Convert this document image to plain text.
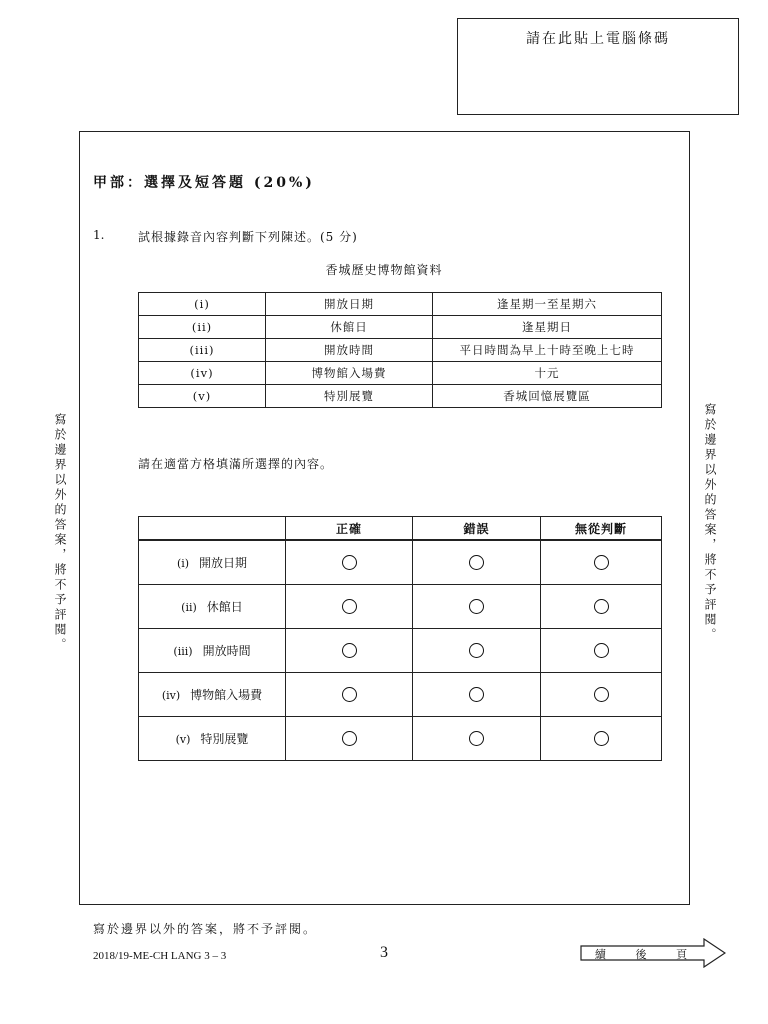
請在此貼上電腦條碼
甲部：選擇及短答題 (20%)
1.	試根據錄音內容判斷下列陳述。(5 分)
香城歷史博物館資料
(i)	開放日期	逢星期一至星期六
(ii)	休館日	逢星期日
(iii)	開放時間	平日時間為早上十時至晚上七時
(iv)	博物館入場費	十元
(v)	特別展覽	香城回憶展覽區
請在適當方格填滿所選擇的內容。
	正確	錯誤	無從判斷
(i) 開放日期			
(ii) 休館日			
(iii) 開放時間			
(iv) 博物館入場費			
(v) 特別展覽			
寫於邊界以外的答案，將不予評閱。	寫於邊界以外的答案，將不予評閱。
寫於邊界以外的答案，將不予評閱。
2018/19-ME-CH LANG 3 – 3	3	續	後	頁
